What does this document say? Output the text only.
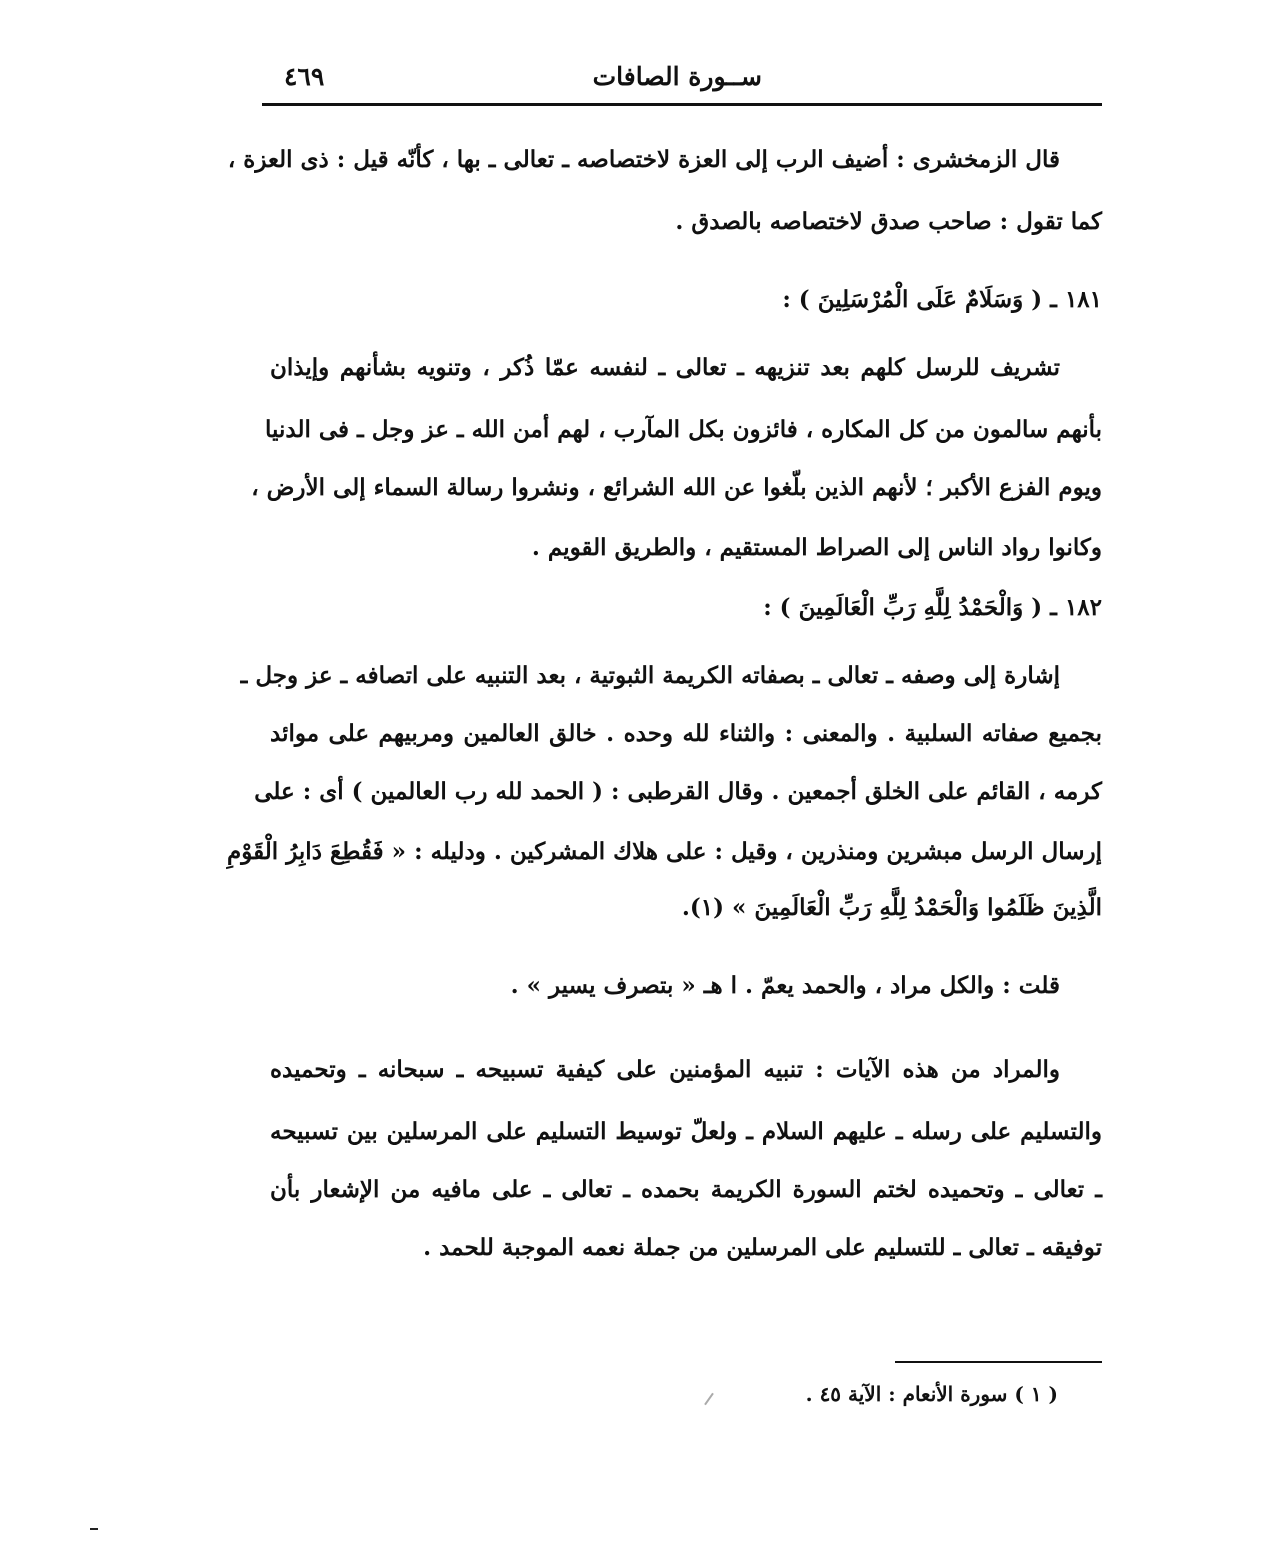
ســورة الصافات
٤٦٩
قال الزمخشرى : أضيف الرب إلى العزة لاختصاصه ـ تعالى ـ بها ، كأنّه قيل : ذى العزة ،
كما تقول : صاحب صدق لاختصاصه بالصدق .
١٨١ ـ ( وَسَلَامٌ عَلَى الْمُرْسَلِينَ ) :
تشريف للرسل كلهم بعد تنزيهه ـ تعالى ـ لنفسه عمّا ذُكر ، وتنويه بشأنهم وإيذان
بأنهم سالمون من كل المكاره ، فائزون بكل المآرب ، لهم أمن الله ـ عز وجل ـ فى الدنيا
ويوم الفزع الأكبر ؛ لأنهم الذين بلّغوا عن الله الشرائع ، ونشروا رسالة السماء إلى الأرض ،
وكانوا رواد الناس إلى الصراط المستقيم ، والطريق القويم .
١٨٢ ـ ( وَالْحَمْدُ لِلَّهِ رَبِّ الْعَالَمِينَ ) :
إشارة إلى وصفه ـ تعالى ـ بصفاته الكريمة الثبوتية ، بعد التنبيه على اتصافه ـ عز وجل ـ
بجميع صفاته السلبية . والمعنى : والثناء لله وحده . خالق العالمين ومربيهم على موائد
كرمه ، القائم على الخلق أجمعين . وقال القرطبى : ( الحمد لله رب العالمين ) أى : على
إرسال الرسل مبشرين ومنذرين ، وقيل : على هلاك المشركين . ودليله : « فَقُطِعَ دَابِرُ الْقَوْمِ
الَّذِينَ ظَلَمُوا وَالْحَمْدُ لِلَّهِ رَبِّ الْعَالَمِينَ » (١).
قلت : والكل مراد ، والحمد يعمّ . ا هـ « بتصرف يسير » .
والمراد من هذه الآيات : تنبيه المؤمنين على كيفية تسبيحه ـ سبحانه ـ وتحميده
والتسليم على رسله ـ عليهم السلام ـ ولعلّ توسيط التسليم على المرسلين بين تسبيحه
ـ تعالى ـ وتحميده لختم السورة الكريمة بحمده ـ تعالى ـ على مافيه من الإشعار بأن
توفيقه ـ تعالى ـ للتسليم على المرسلين من جملة نعمه الموجبة للحمد .
( ١ ) سورة الأنعام : الآية ٤٥ .
